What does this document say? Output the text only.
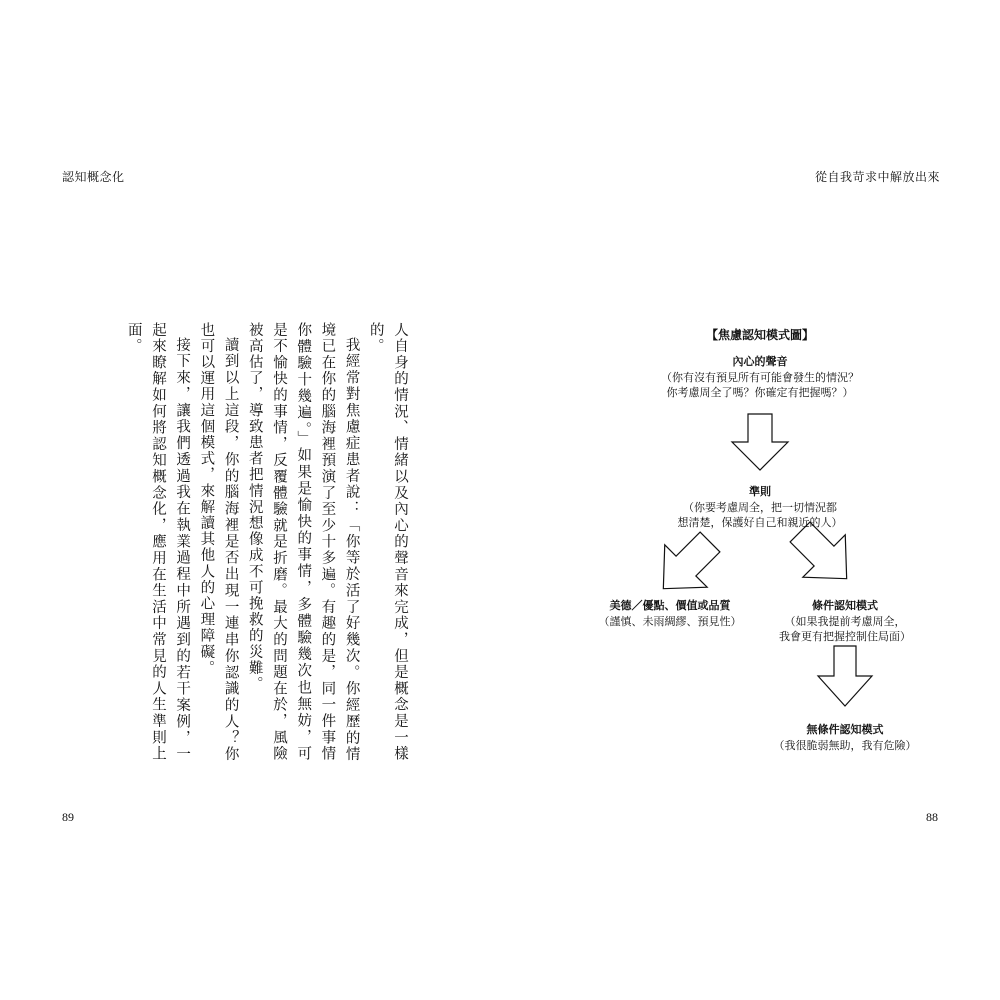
認知概念化	從自我苛求中解放出來

人自身的情況、情緒以及內心的聲音來完成，但是概念是一樣的。

我經常對焦慮症患者說：「你等於活了好幾次。你經歷的情境已在你的腦海裡預演了至少十多遍。有趣的是，同一件事情你體驗十幾遍。」如果是愉快的事情，多體驗幾次也無妨，可是不愉快的事情，反覆體驗就是折磨。最大的問題在於，風險被高估了，導致患者把情況想像成不可挽救的災難。

讀到以上這段，你的腦海裡是否出現一連串你認識的人？你也可以運用這個模式，來解讀其他人的心理障礙。

接下來，讓我們透過我在執業過程中所遇到的若干案例，一起來瞭解如何將認知概念化，應用在生活中常見的人生準則上面。	【焦慮認知模式圖】
內心的聲音
（你有沒有預見所有可能會發生的情況？
你考慮周全了嗎？你確定有把握嗎？）
準則
（你要考慮周全，把一切情況都
想清楚，保護好自己和親近的人）
美德／優點、價值或品質
（謹慎、未雨綢繆、預見性）
條件認知模式
（如果我提前考慮周全，
我會更有把握控制住局面）
無條件認知模式
（我很脆弱無助，我有危險）
89	88
